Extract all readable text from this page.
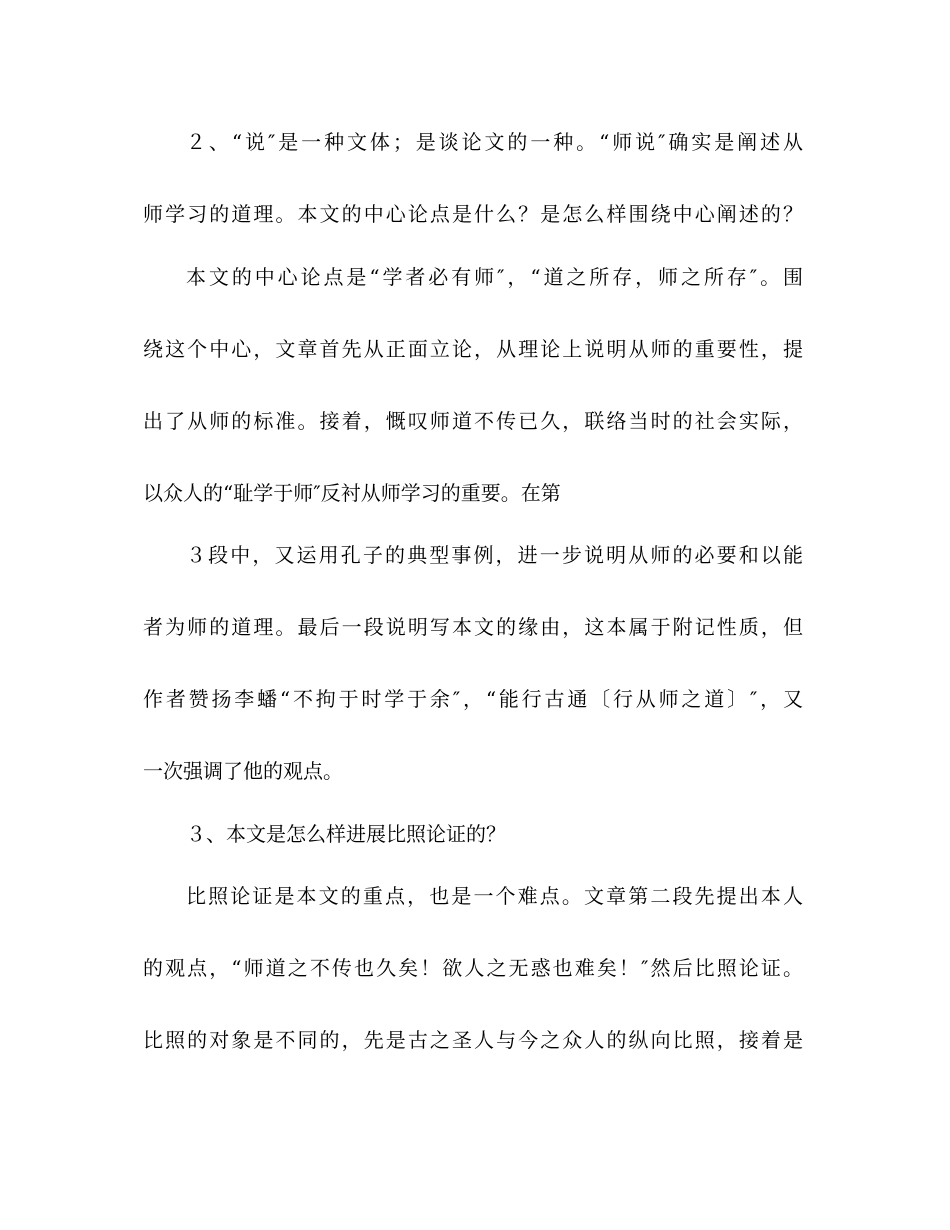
２、“说″是一种文体；是谈论文的一种。“师说″确实是阐述从
师学习的道理。本文的中心论点是什么？是怎么样围绕中心阐述的？
本文的中心论点是“学者必有师″，“道之所存，师之所存″。围
绕这个中心，文章首先从正面立论，从理论上说明从师的重要性，提
出了从师的标准。接着，慨叹师道不传已久，联络当时的社会实际，
以众人的“耻学于师″反衬从师学习的重要。在第
３段中，又运用孔子的典型事例，进一步说明从师的必要和以能
者为师的道理。最后一段说明写本文的缘由，这本属于附记性质，但
作者赞扬李蟠“不拘于时学于余″，“能行古通〔行从师之道〕″，又
一次强调了他的观点。
３、本文是怎么样进展比照论证的？
比照论证是本文的重点，也是一个难点。文章第二段先提出本人
的观点，“师道之不传也久矣！欲人之无惑也难矣！″然后比照论证。
比照的对象是不同的，先是古之圣人与今之众人的纵向比照，接着是
